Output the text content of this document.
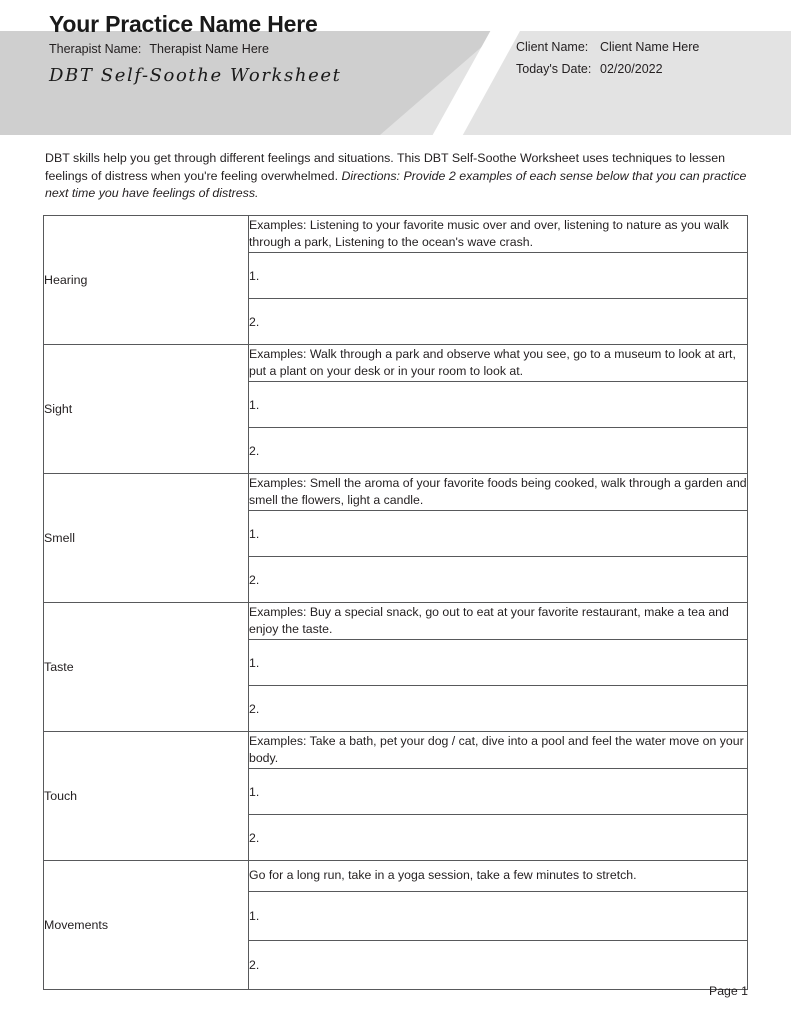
Your Practice Name Here
Therapist Name: Therapist Name Here
DBT Self-Soothe Worksheet
Client Name: Client Name Here
Today's Date: 02/20/2022
DBT skills help you get through different feelings and situations. This DBT Self-Soothe Worksheet uses techniques to lessen feelings of distress when you're feeling overwhelmed. Directions: Provide 2 examples of each sense below that you can practice next time you have feelings of distress.
Hearing	Examples: Listening to your favorite music over and over, listening to nature as you walk through a park, Listening to the ocean's wave crash.
	1.
	2.
Sight	Examples: Walk through a park and observe what you see, go to a museum to look at art, put a plant on your desk or in your room to look at.
	1.
	2.
Smell	Examples: Smell the aroma of your favorite foods being cooked, walk through a garden and smell the flowers, light a candle.
	1.
	2.
Taste	Examples: Buy a special snack, go out to eat at your favorite restaurant, make a tea and enjoy the taste.
	1.
	2.
Touch	Examples: Take a bath, pet your dog / cat, dive into a pool and feel the water move on your body.
	1.
	2.
Movements	Go for a long run, take in a yoga session, take a few minutes to stretch.
	1.
	2.
Page 1
